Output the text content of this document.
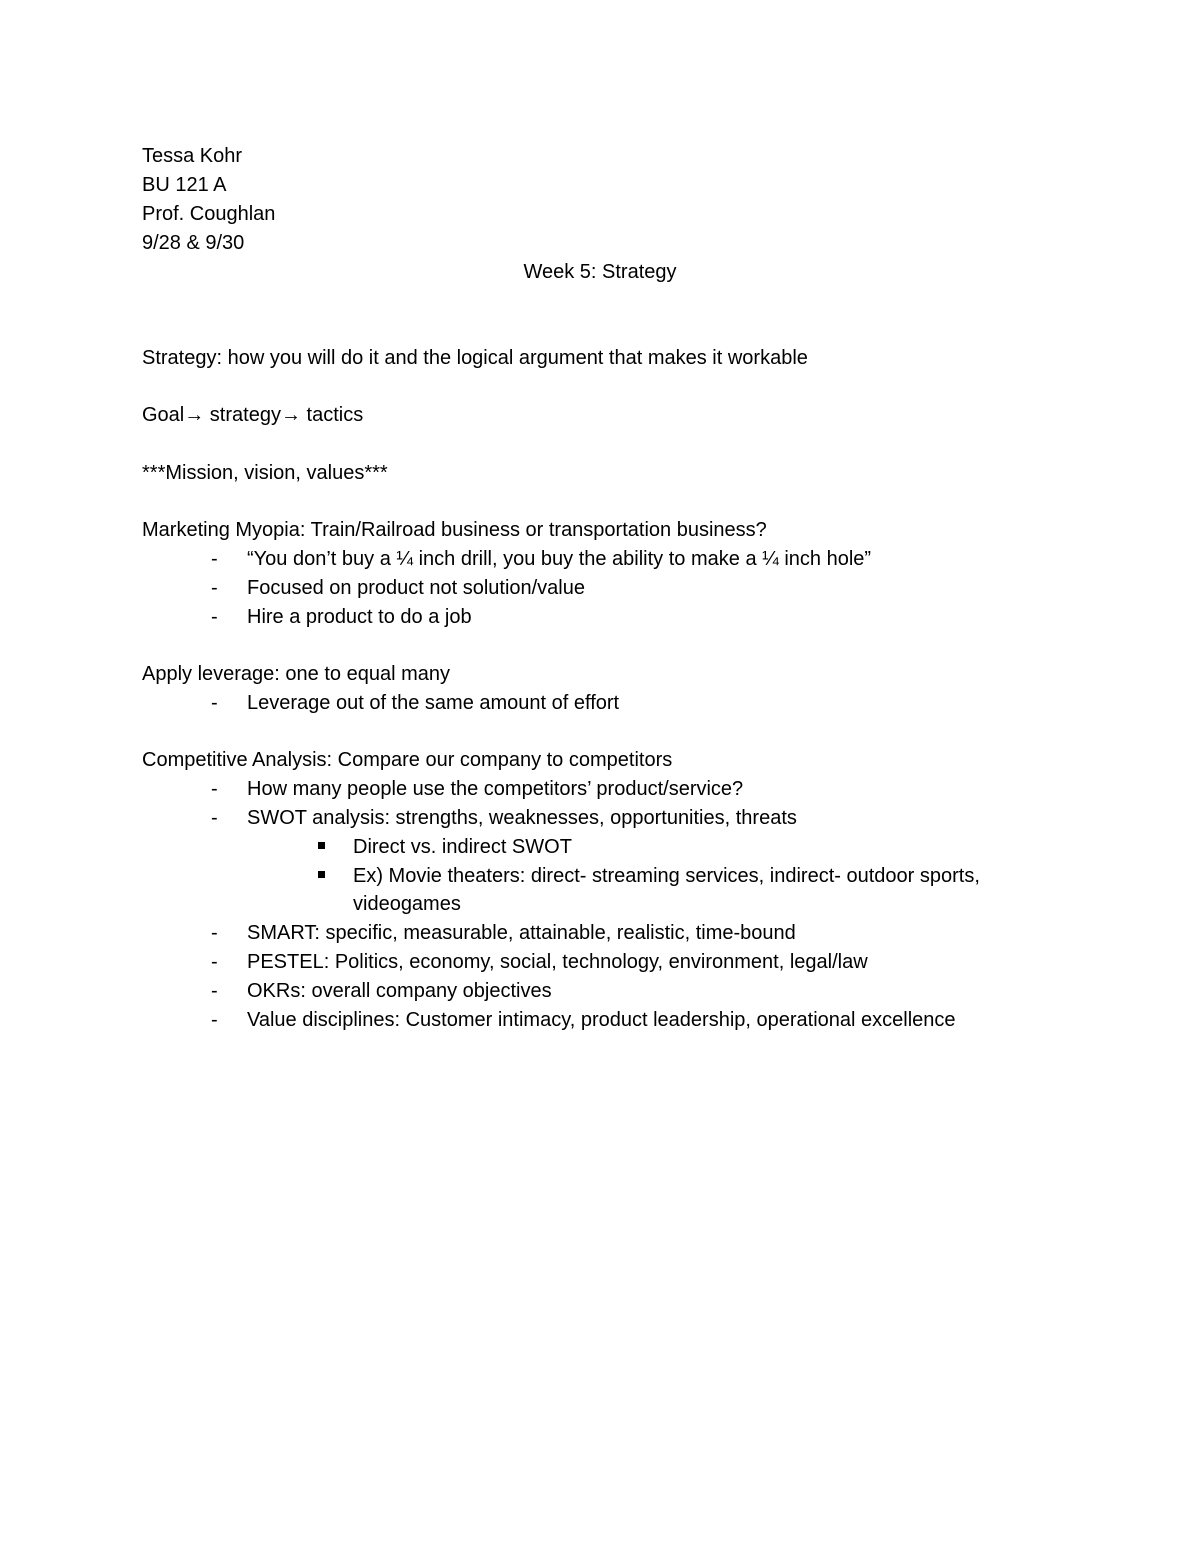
Tessa Kohr
BU 121 A
Prof. Coughlan
9/28 & 9/30
Week 5: Strategy
Strategy: how you will do it and the logical argument that makes it workable
Goal→ strategy→ tactics
***Mission, vision, values***
Marketing Myopia: Train/Railroad business or transportation business?
- “You don’t buy a ¼ inch drill, you buy the ability to make a ¼ inch hole”
- Focused on product not solution/value
- Hire a product to do a job
Apply leverage: one to equal many
- Leverage out of the same amount of effort
Competitive Analysis: Compare our company to competitors
- How many people use the competitors’ product/service?
- SWOT analysis: strengths, weaknesses, opportunities, threats
Direct vs. indirect SWOT
Ex) Movie theaters: direct- streaming services, indirect- outdoor sports,
videogames
- SMART: specific, measurable, attainable, realistic, time-bound
- PESTEL: Politics, economy, social, technology, environment, legal/law
- OKRs: overall company objectives
- Value disciplines: Customer intimacy, product leadership, operational excellence
